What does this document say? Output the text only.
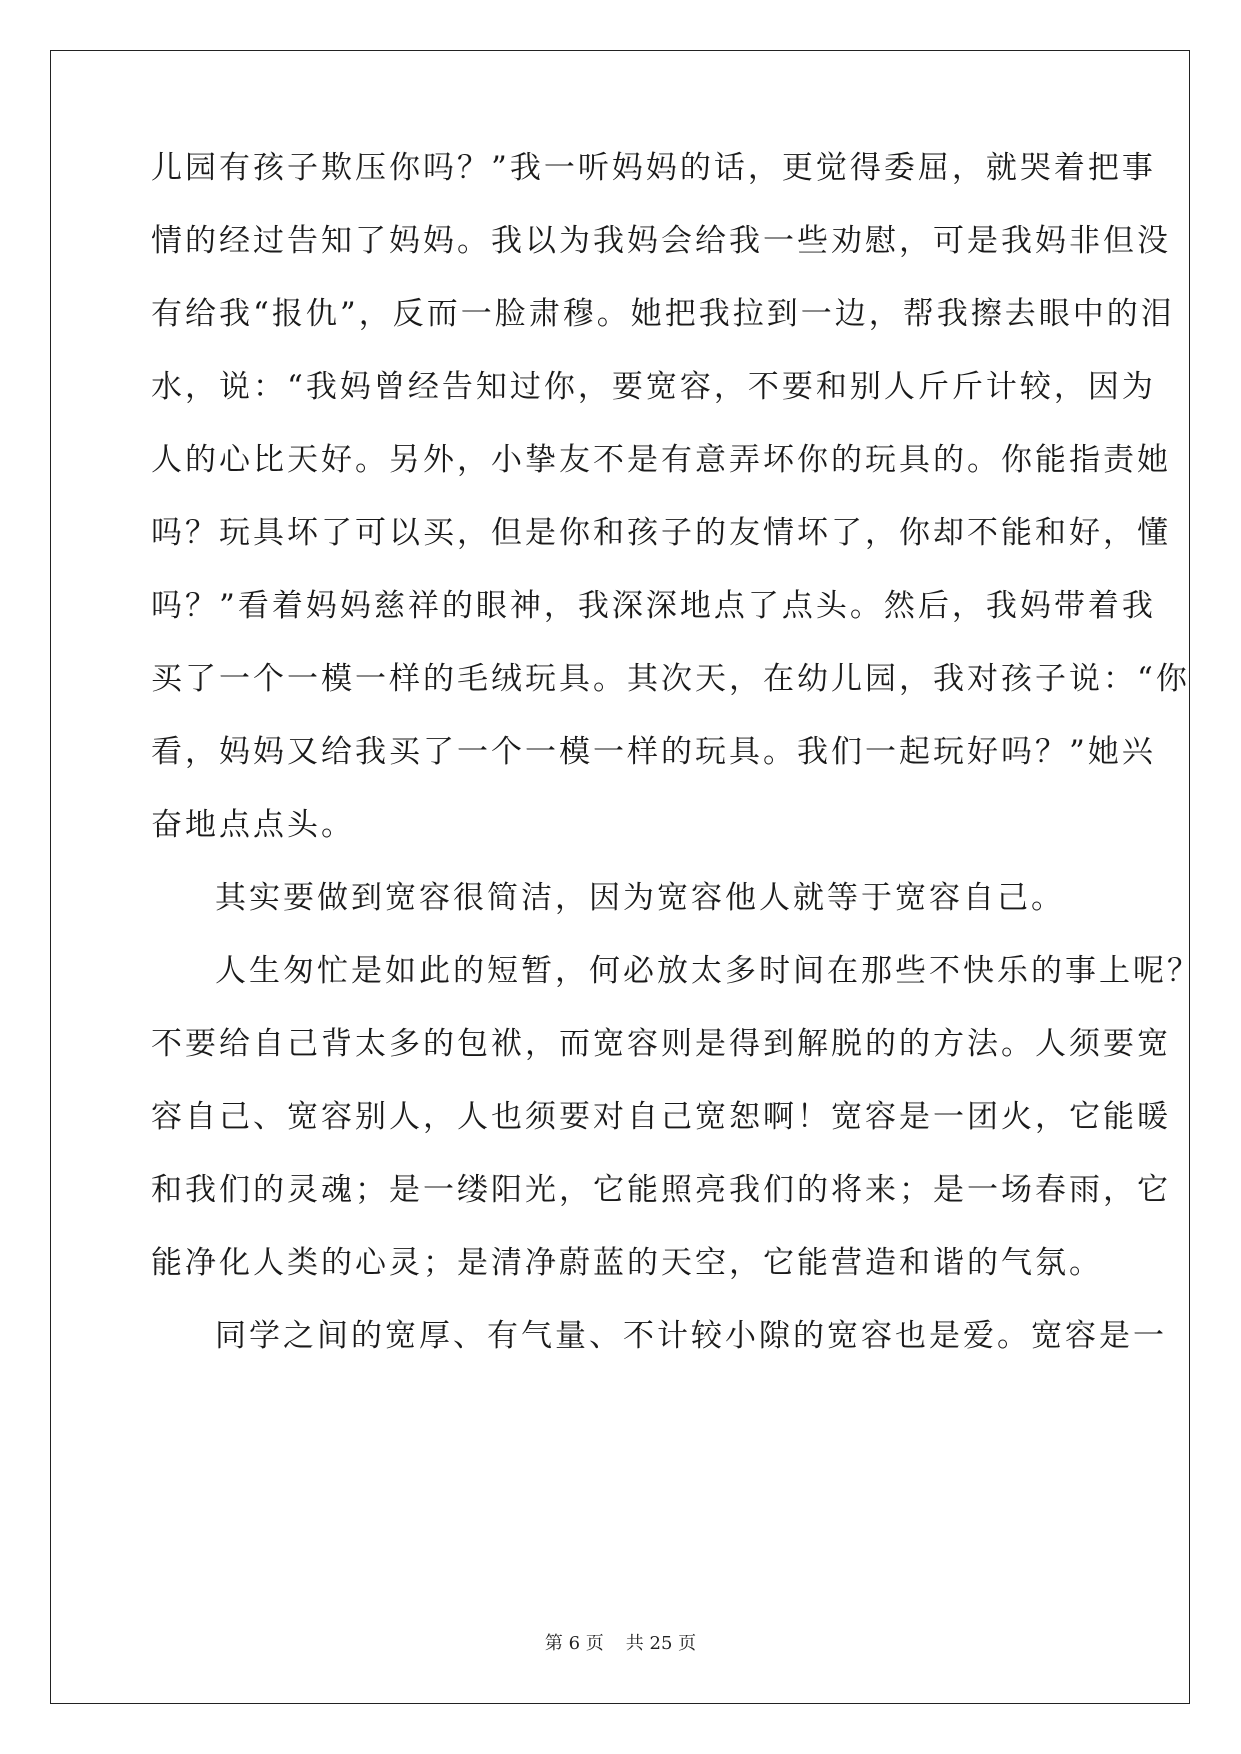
儿园有孩子欺压你吗？”我一听妈妈的话，更觉得委屈，就哭着把事
情的经过告知了妈妈。我以为我妈会给我一些劝慰，可是我妈非但没
有给我“报仇”，反而一脸肃穆。她把我拉到一边，帮我擦去眼中的泪
水，说：“我妈曾经告知过你，要宽容，不要和别人斤斤计较，因为
人的心比天好。另外，小挚友不是有意弄坏你的玩具的。你能指责她
吗？玩具坏了可以买，但是你和孩子的友情坏了，你却不能和好，懂
吗？”看着妈妈慈祥的眼神，我深深地点了点头。然后，我妈带着我
买了一个一模一样的毛绒玩具。其次天，在幼儿园，我对孩子说：“你
看，妈妈又给我买了一个一模一样的玩具。我们一起玩好吗？”她兴
奋地点点头。
其实要做到宽容很简洁，因为宽容他人就等于宽容自己。
人生匆忙是如此的短暂，何必放太多时间在那些不快乐的事上呢？
不要给自己背太多的包袱，而宽容则是得到解脱的的方法。人须要宽
容自己、宽容别人，人也须要对自己宽恕啊！宽容是一团火，它能暖
和我们的灵魂；是一缕阳光，它能照亮我们的将来；是一场春雨，它
能净化人类的心灵；是清净蔚蓝的天空，它能营造和谐的气氛。
同学之间的宽厚、有气量、不计较小隙的宽容也是爱。宽容是一
第 6 页 共 25 页
